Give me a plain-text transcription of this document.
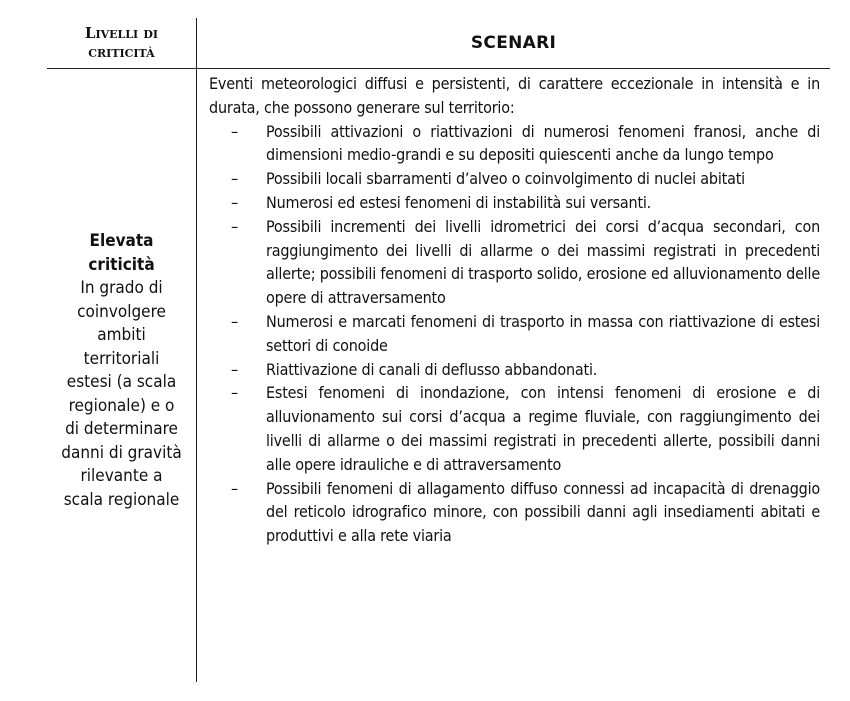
Livelli di
criticità	SCENARI
Elevata
criticità
In grado di
coinvolgere
ambiti
territoriali
estesi (a scala
regionale) e o
di determinare
danni di gravità
rilevante a
scala regionale

Eventi meteorologici diffusi e persistenti, di carattere eccezionale in intensità e in durata, che possono generare sul territorio:

– Possibili attivazioni o riattivazioni di numerosi fenomeni franosi, anche di dimensioni medio-grandi e su depositi quiescenti anche da lungo tempo
– Possibili locali sbarramenti d’alveo o coinvolgimento di nuclei abitati
– Numerosi ed estesi fenomeni di instabilità sui versanti.
– Possibili incrementi dei livelli idrometrici dei corsi d’acqua secondari, con raggiungimento dei livelli di allarme o dei massimi registrati in precedenti allerte; possibili fenomeni di trasporto solido, erosione ed alluvionamento delle opere di attraversamento
– Numerosi e marcati fenomeni di trasporto in massa con riattivazione di estesi settori di conoide
– Riattivazione di canali di deflusso abbandonati.
– Estesi fenomeni di inondazione, con intensi fenomeni di erosione e di alluvionamento sui corsi d’acqua a regime fluviale, con raggiungimento dei livelli di allarme o dei massimi registrati in precedenti allerte, possibili danni alle opere idrauliche e di attraversamento
– Possibili fenomeni di allagamento diffuso connessi ad incapacità di drenaggio del reticolo idrografico minore, con possibili danni agli insediamenti abitati e produttivi e alla rete viaria
